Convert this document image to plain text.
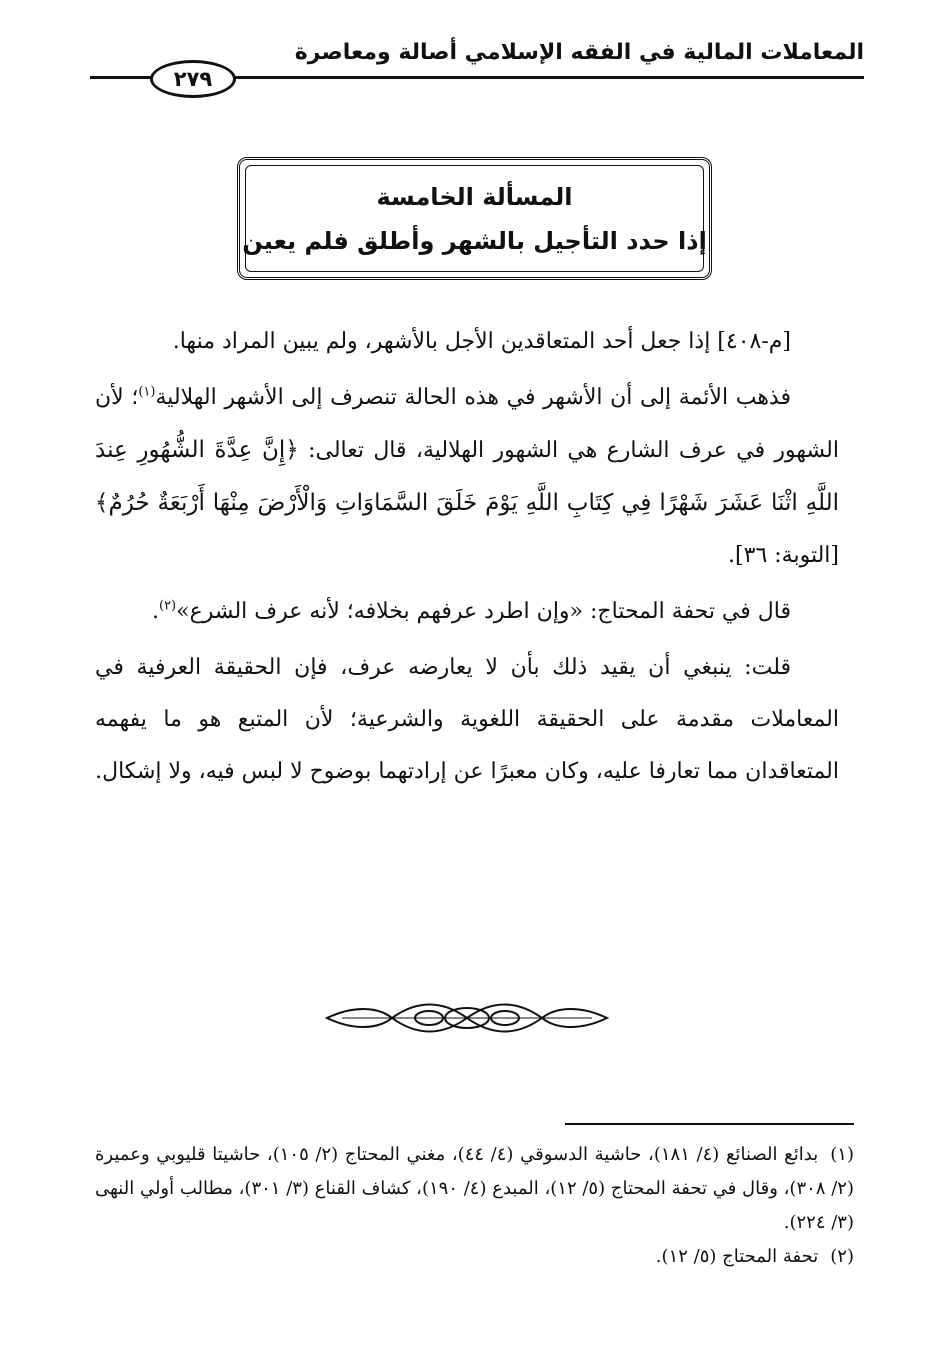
المعاملات المالية في الفقه الإسلامي أصالة ومعاصرة
٢٧٩
المسألة الخامسة
إذا حدد التأجيل بالشهر وأطلق فلم يعين

[م-٤٠٨] إذا جعل أحد المتعاقدين الأجل بالأشهر، ولم يبين المراد منها.

فذهب الأئمة إلى أن الأشهر في هذه الحالة تنصرف إلى الأشهر الهلالية$^{(١)}$؛ لأن الشهور في عرف الشارع هي الشهور الهلالية، قال تعالى: ﴿إِنَّ عِدَّةَ الشُّهُورِ عِندَ اللَّهِ اثْنَا عَشَرَ شَهْرًا فِي كِتَابِ اللَّهِ يَوْمَ خَلَقَ السَّمَاوَاتِ وَالْأَرْضَ مِنْهَا أَرْبَعَةٌ حُرُمٌ﴾ [التوبة: ٣٦].

قال في تحفة المحتاج: «وإن اطرد عرفهم بخلافه؛ لأنه عرف الشرع»$^{(٢)}$.

قلت: ينبغي أن يقيد ذلك بأن لا يعارضه عرف، فإن الحقيقة العرفية في المعاملات مقدمة على الحقيقة اللغوية والشرعية؛ لأن المتبع هو ما يفهمه المتعاقدان مما تعارفا عليه، وكان معبرًا عن إرادتهما بوضوح لا لبس فيه، ولا إشكال.

(١)بدائع الصنائع (٤/ ١٨١)، حاشية الدسوقي (٤/ ٤٤)، مغني المحتاج (٢/ ١٠٥)، حاشيتا قليوبي وعميرة (٢/ ٣٠٨)، وقال في تحفة المحتاج (٥/ ١٢)، المبدع (٤/ ١٩٠)، كشاف القناع (٣/ ٣٠١)، مطالب أولي النهى (٣/ ٢٢٤).

(٢)تحفة المحتاج (٥/ ١٢).
